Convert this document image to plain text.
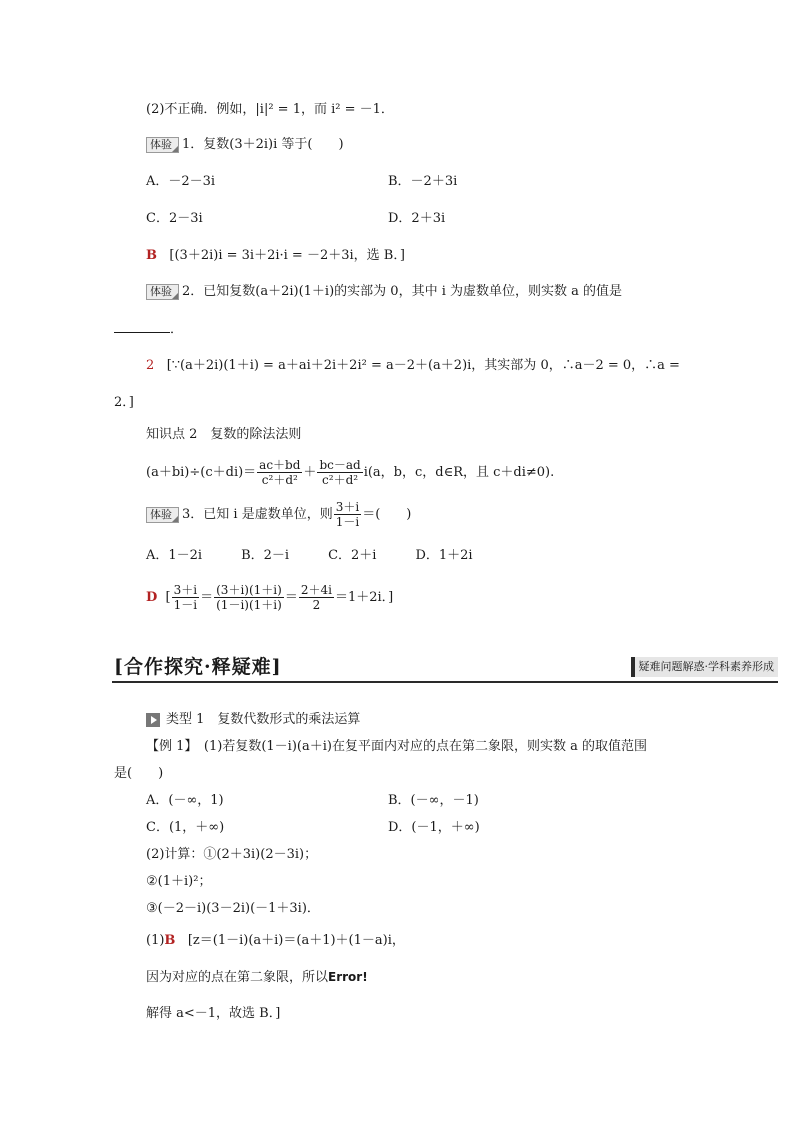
(2)不正确．例如，|i|² = 1，而 i² = －1．
体验 1．复数(3＋2i)i 等于(　　)
A．－2－3i	B．－2＋3i
C．2－3i	D．2＋3i
B [(3＋2i)i = 3i＋2i·i = －2＋3i，选 B．]
体验 2．已知复数(a＋2i)(1＋i)的实部为 0，其中 i 为虚数单位，则实数 a 的值是
．
2 [∵(a＋2i)(1＋i) = a＋ai＋2i＋2i² = a－2＋(a＋2)i，其实部为 0，∴a－2 = 0，∴a =
2．]
知识点 2　复数的除法法则
$(a+bi)\div(c+di)= \frac{ac+bd}{\text{c²＋d²}} + \frac{bc-ad}{\text{c²＋d²}} i(a$，b，c，d∈R，且 c＋di≠0).
体验 3．已知 i 是虚数单位，则 $\frac{3+i}{1-i}$ ＝(　　)
A．1－2i　　　B．2－i　　　C．2＋i　　　D．1＋2i
D [ $\frac{3+i}{1-i} = \frac{(3+i)(1+i)}{(1-i)(1+i)} = \frac{2+4i}{2} =1+2i$．]
[合作探究·释疑难]	疑难问题解惑·学科素养形成
类型 1　复数代数形式的乘法运算
【例 1】　(1)若复数(1－i)(a＋i)在复平面内对应的点在第二象限，则实数 a 的取值范围
是(　　)
A．(－∞，1)	B．(－∞，－1)
C．(1，＋∞)	D．(－1，＋∞)
(2)计算：①(2＋3i)(2－3i)；
②(1＋i)²；
③(－2－i)(3－2i)(－1＋3i)．
(1)B [z＝(1－i)(a＋i)＝(a＋1)＋(1－a)i，
因为对应的点在第二象限，所以Error!
解得 a<－1，故选 B．]
